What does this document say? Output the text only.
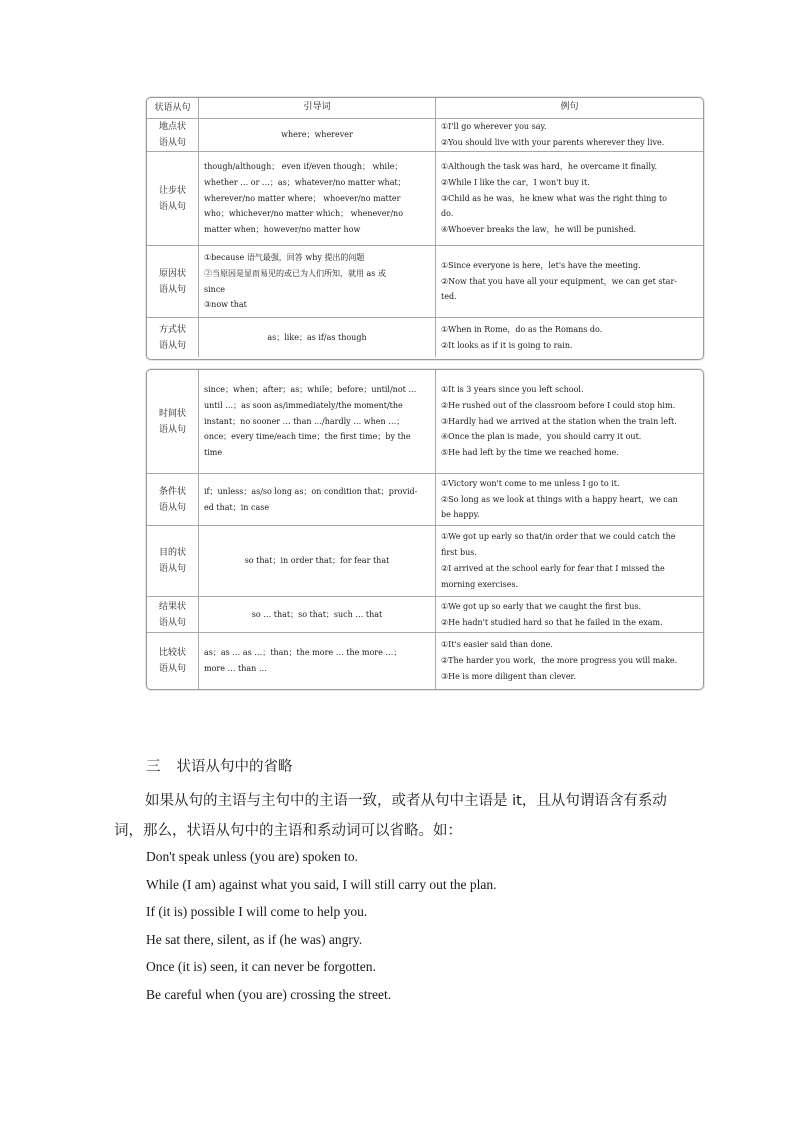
状语从句	引导词	例句
地点状
语从句
where；wherever
①I'll go wherever you say.
②You should live with your parents wherever they live.
让步状
语从句
though/although； even if/even though； while；
whether … or …；as；whatever/no matter what；
wherever/no matter where； whoever/no matter
who；whichever/no matter which； whenever/no
matter when；however/no matter how
①Although the task was hard，he overcame it finally.
②While I like the car，I won't buy it.
③Child as he was，he knew what was the right thing to
do.
④Whoever breaks the law，he will be punished.
原因状
语从句
①because 语气最强，回答 why 提出的问题
②当原因是显而易见的或已为人们所知，就用 as 或
since
③now that
①Since everyone is here，let's have the meeting.
②Now that you have all your equipment，we can get star-
ted.
方式状
语从句
as；like；as if/as though
①When in Rome，do as the Romans do.
②It looks as if it is going to rain.
时间状
语从句
since；when；after；as；while；before；until/not …
until …；as soon as/immediately/the moment/the
instant；no sooner … than …/hardly … when …；
once；every time/each time；the first time；by the
time
①It is 3 years since you left school.
②He rushed out of the classroom before I could stop him.
③Hardly had we arrived at the station when the train left.
④Once the plan is made，you should carry it out.
⑤He had left by the time we reached home.
条件状
语从句
if；unless；as/so long as；on condition that；provid-
ed that；in case
①Victory won't come to me unless I go to it.
②So long as we look at things with a happy heart，we can
be happy.
目的状
语从句
so that；in order that；for fear that
①We got up early so that/in order that we could catch the
first bus.
②I arrived at the school early for fear that I missed the
morning exercises.
结果状
语从句
so … that；so that；such … that
①We got up so early that we caught the first bus.
②He hadn't studied hard so that he failed in the exam.
比较状
语从句
as；as … as …；than；the more … the more …；
more … than …
①It's easier said than done.
②The harder you work，the more progress you will make.
③He is more diligent than clever.
三 状语从句中的省略
如果从句的主语与主句中的主语一致，或者从句中主语是 it，且从句谓语含有系动词，那么，状语从句中的主语和系动词可以省略。如：
Don't speak unless (you are) spoken to.
While (I am) against what you said, I will still carry out the plan.
If (it is) possible I will come to help you.
He sat there, silent, as if (he was) angry.
Once (it is) seen, it can never be forgotten.
Be careful when (you are) crossing the street.
